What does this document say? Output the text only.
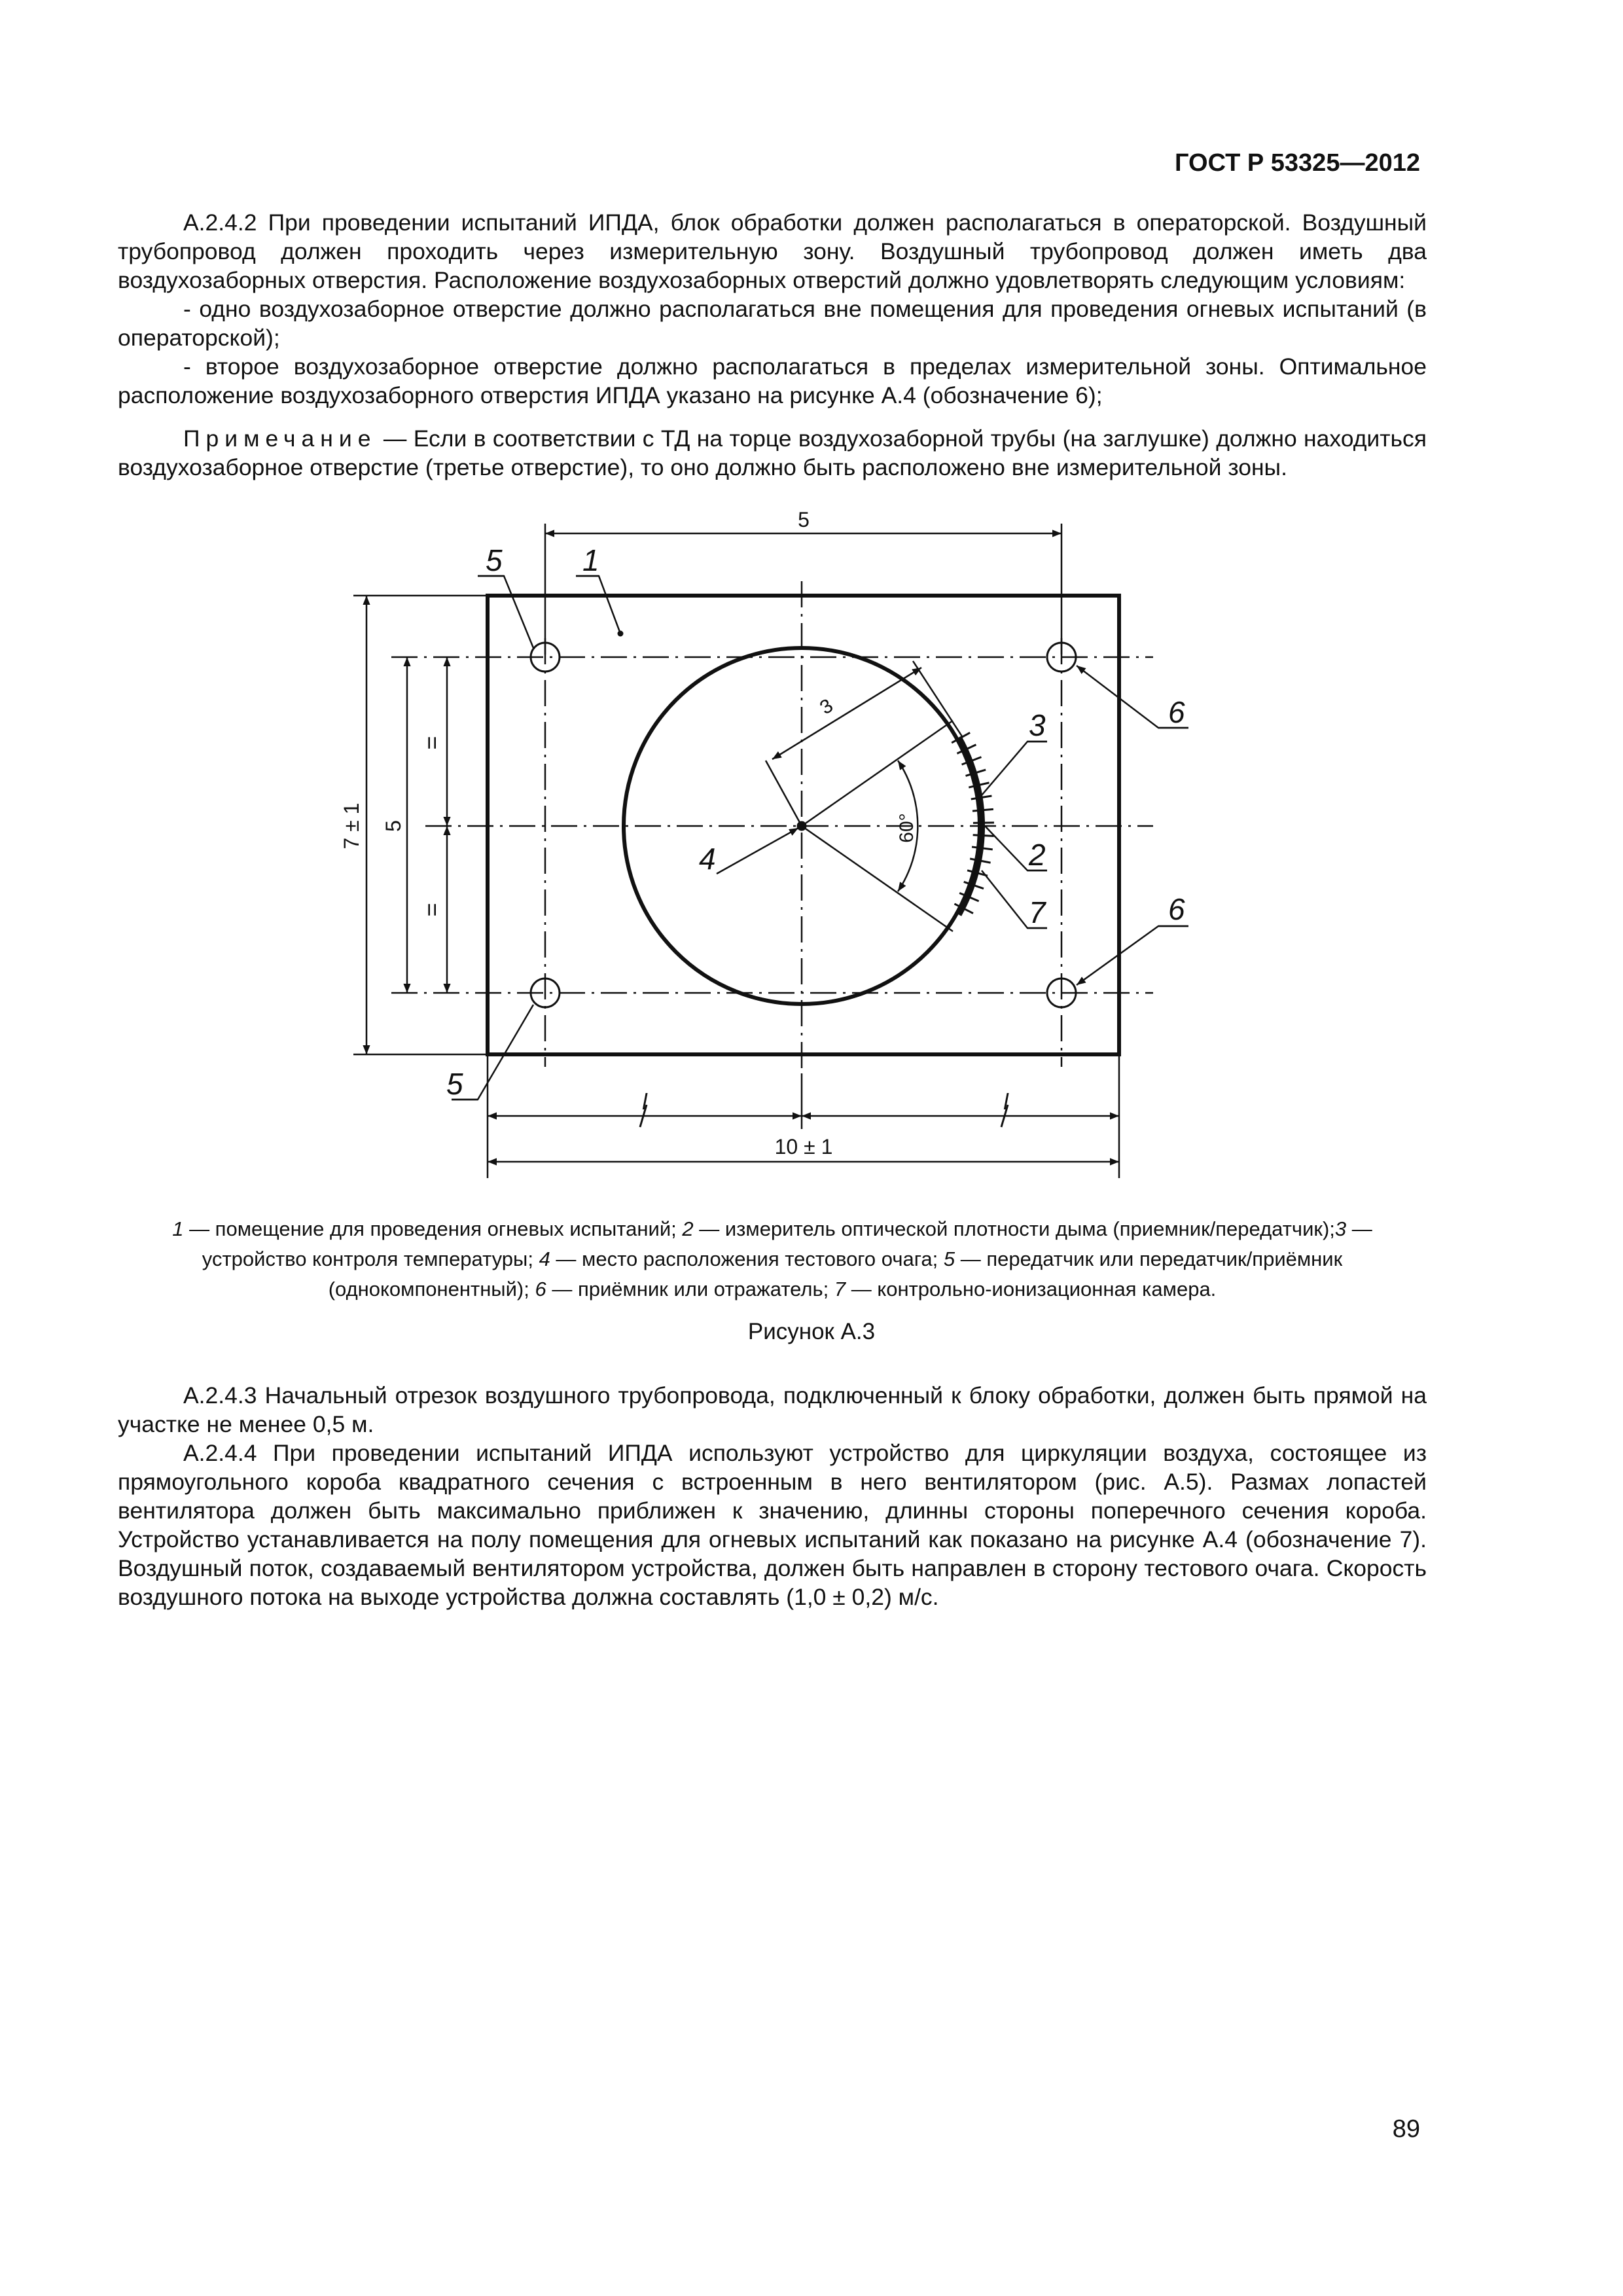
ГОСТ Р 53325—2012

А.2.4.2 При проведении испытаний ИПДА, блок обработки должен располагаться в операторской. Воздушный трубопровод должен проходить через измерительную зону. Воздушный трубопровод должен иметь два воздухозаборных отверстия. Расположение воздухозаборных отверстий должно удовлетворять следующим условиям:

- одно воздухозаборное отверстие должно располагаться вне помещения для проведения огневых испытаний (в операторской);

- второе воздухозаборное отверстие должно располагаться в пределах измерительной зоны. Оптимальное расположение воздухозаборного отверстия ИПДА указано на рисунке А.4 (обозначение 6);

Примечание — Если в соответствии с ТД на торце воздухозаборной трубы (на заглушке) должно находиться воздухозаборное отверстие (третье отверстие), то оно должно быть расположено вне измерительной зоны.

5
7 ± 1 5
=
=
l	l
10 ± 1
3
60°
5	1
6
3
4	2
7	6
5
1 — помещение для проведения огневых испытаний; 2 — измеритель оптической плотности дыма (приемник/передатчик);3 — устройство контроля температуры; 4 — место расположения тестового очага; 5 — передатчик или передатчик/приёмник (однокомпонентный); 6 — приёмник или отражатель; 7 — контрольно-ионизационная камера.
Рисунок А.3

А.2.4.3 Начальный отрезок воздушного трубопровода, подключенный к блоку обработки, должен быть прямой на участке не менее 0,5 м.

А.2.4.4 При проведении испытаний ИПДА используют устройство для циркуляции воздуха, состоящее из прямоугольного короба квадратного сечения с встроенным в него вентилятором (рис. А.5). Размах лопастей вентилятора должен быть максимально приближен к значению, длинны стороны поперечного сечения короба. Устройство устанавливается на полу помещения для огневых испытаний как показано на рисунке А.4 (обозначение 7). Воздушный поток, создаваемый вентилятором устройства, должен быть направлен в сторону тестового очага. Скорость воздушного потока на выходе устройства должна составлять (1,0 ± 0,2) м/с.

89
